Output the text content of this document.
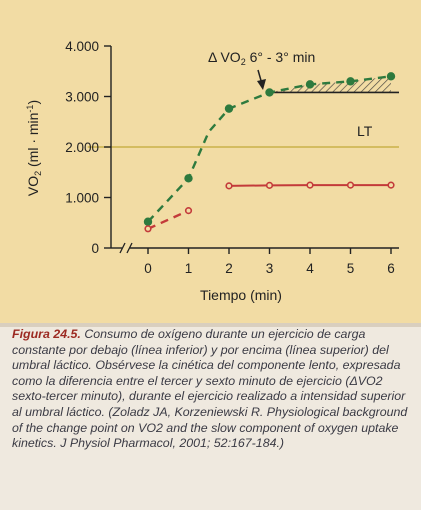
0
1.000
2.000
3.000
4.000
0 1 2 3 4 5 6
LT
Δ $VO_2$ 6° - 3° min
Tiempo (min)
$VO_2$ $(ml \cdot \min^{-1})$
Figura 24.5. Consumo de oxígeno durante un ejercicio de carga constante por debajo (línea inferior) y por encima (línea superior) del umbral láctico. Obsérvese la cinética del componente lento, expresada como la diferencia entre el tercer y sexto minuto de ejercicio (ΔVO2 sexto-tercer minuto), durante el ejercicio realizado a intensidad superior al umbral láctico. (Zoladz JA, Korzeniewski R. Physiological background of the change point on VO2 and the slow component of oxygen uptake kinetics. J Physiol Pharmacol, 2001; 52:167-184.)
